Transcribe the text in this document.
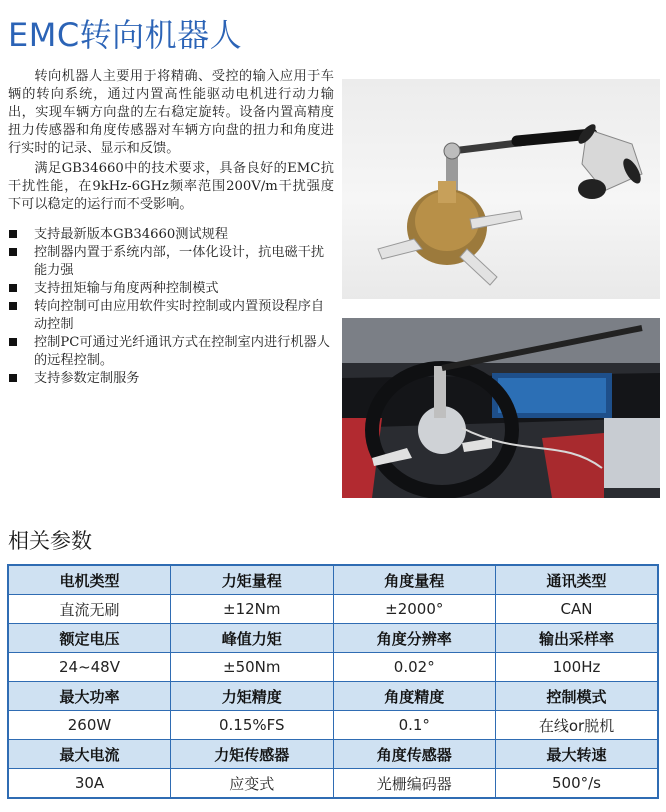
EMC转向机器人

转向机器人主要用于将精确、受控的输入应用于车辆的转向系统，通过内置高性能驱动电机进行动力输出，实现车辆方向盘的左右稳定旋转。设备内置高精度扭力传感器和角度传感器对车辆方向盘的扭力和角度进行实时的记录、显示和反馈。

满足GB34660中的技术要求，具备良好的EMC抗干扰性能，在9kHz-6GHz频率范围200V/m干扰强度下可以稳定的运行而不受影响。

支持最新版本GB34660测试规程
控制器内置于系统内部，一体化设计，抗电磁干扰能力强
支持扭矩输与角度两种控制模式
转向控制可由应用软件实时控制或内置预设程序自动控制
控制PC可通过光纤通讯方式在控制室内进行机器人的远程控制。
支持参数定制服务
相关参数
电机类型	力矩量程	角度量程	通讯类型
直流无刷	±12Nm	±2000°	CAN
额定电压	峰值力矩	角度分辨率	输出采样率
24~48V	±50Nm	0.02°	100Hz
最大功率	力矩精度	角度精度	控制模式
260W	0.15%FS	0.1°	在线or脱机
最大电流	力矩传感器	角度传感器	最大转速
30A	应变式	光栅编码器	500°/s
